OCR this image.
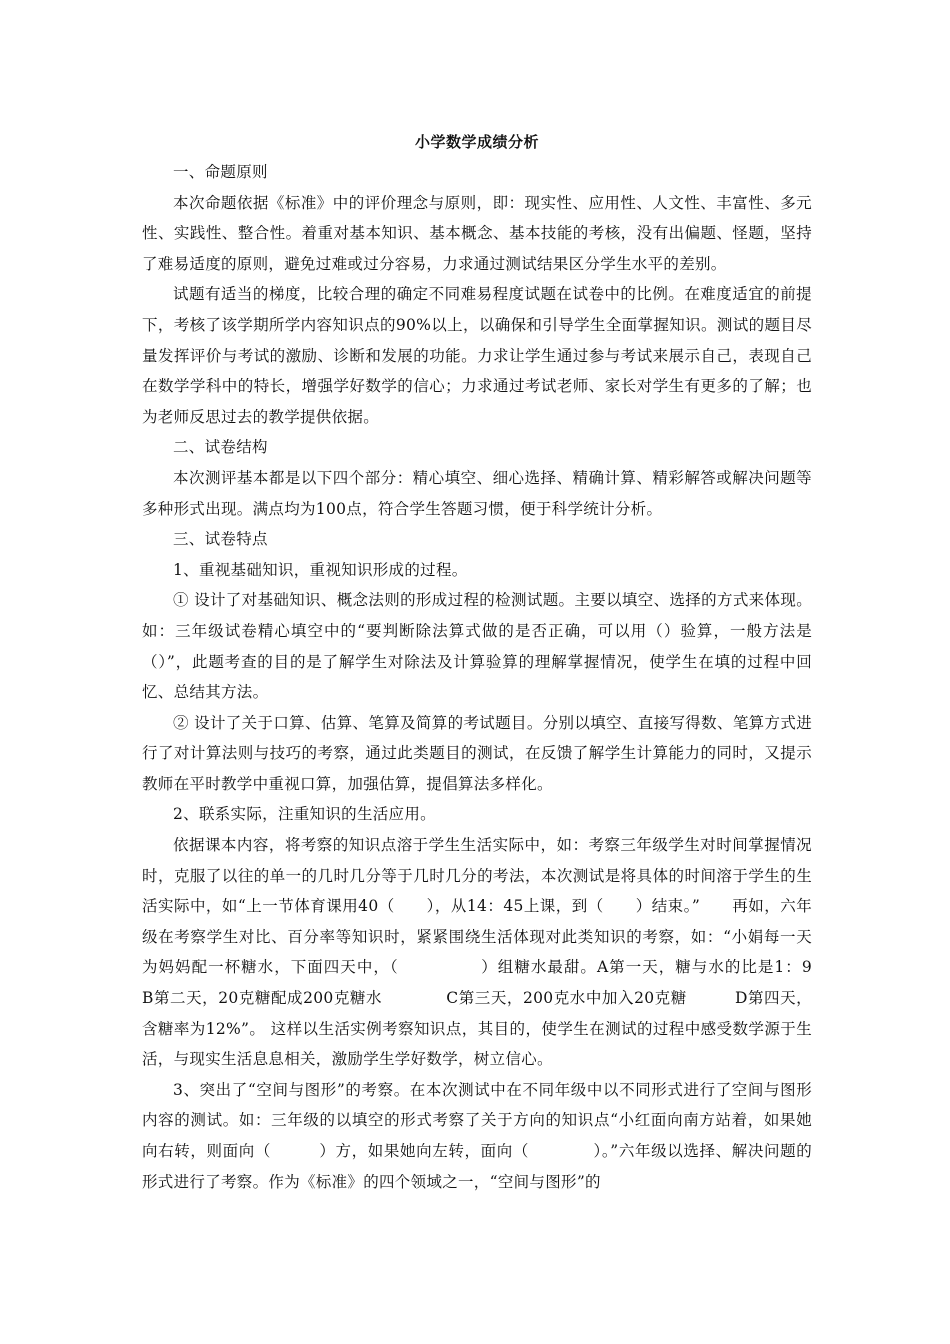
小学数学成绩分析

一、命题原则

本次命题依据《标准》中的评价理念与原则，即：现实性、应用性、人文性、丰富性、多元性、实践性、整合性。着重对基本知识、基本概念、基本技能的考核，没有出偏题、怪题，坚持了难易适度的原则，避免过难或过分容易，力求通过测试结果区分学生水平的差别。

试题有适当的梯度，比较合理的确定不同难易程度试题在试卷中的比例。在难度适宜的前提下，考核了该学期所学内容知识点的90%以上，以确保和引导学生全面掌握知识。测试的题目尽量发挥评价与考试的激励、诊断和发展的功能。力求让学生通过参与考试来展示自己，表现自己在数学学科中的特长，增强学好数学的信心；力求通过考试老师、家长对学生有更多的了解；也为老师反思过去的教学提供依据。

二、试卷结构

本次测评基本都是以下四个部分：精心填空、细心选择、精确计算、精彩解答或解决问题等多种形式出现。满点均为100点，符合学生答题习惯，便于科学统计分析。

三、试卷特点

1、重视基础知识，重视知识形成的过程。

① 设计了对基础知识、概念法则的形成过程的检测试题。主要以填空、选择的方式来体现。如：三年级试卷精心填空中的“要判断除法算式做的是否正确，可以用（）验算，一般方法是（）”，此题考查的目的是了解学生对除法及计算验算的理解掌握情况，使学生在填的过程中回忆、总结其方法。

② 设计了关于口算、估算、笔算及简算的考试题目。分别以填空、直接写得数、笔算方式进行了对计算法则与技巧的考察，通过此类题目的测试，在反馈了解学生计算能力的同时，又提示教师在平时教学中重视口算，加强估算，提倡算法多样化。

2、联系实际，注重知识的生活应用。

依据课本内容，将考察的知识点溶于学生生活实际中，如：考察三年级学生对时间掌握情况时，克服了以往的单一的几时几分等于几时几分的考法，本次测试是将具体的时间溶于学生的生活实际中，如“上一节体育课用40（　　），从14：45上课，到（　　）结束。”　　再如，六年级在考察学生对比、百分率等知识时，紧紧围绕生活体现对此类知识的考察，如：“小娟每一天为妈妈配一杯糖水，下面四天中，（　　　　　）组糖水最甜。A第一天，糖与水的比是1：9　　　　　B第二天，20克糖配成200克糖水　　　　C第三天，200克水中加入20克糖　　　D第四天，含糖率为12%”。 这样以生活实例考察知识点，其目的，使学生在测试的过程中感受数学源于生活，与现实生活息息相关，激励学生学好数学，树立信心。

3、突出了“空间与图形”的考察。在本次测试中在不同年级中以不同形式进行了空间与图形内容的测试。如：三年级的以填空的形式考察了关于方向的知识点“小红面向南方站着，如果她向右转，则面向（　　　）方，如果她向左转，面向（　　　　）。”六年级以选择、解决问题的形式进行了考察。作为《标准》的四个领域之一，“空间与图形”的
